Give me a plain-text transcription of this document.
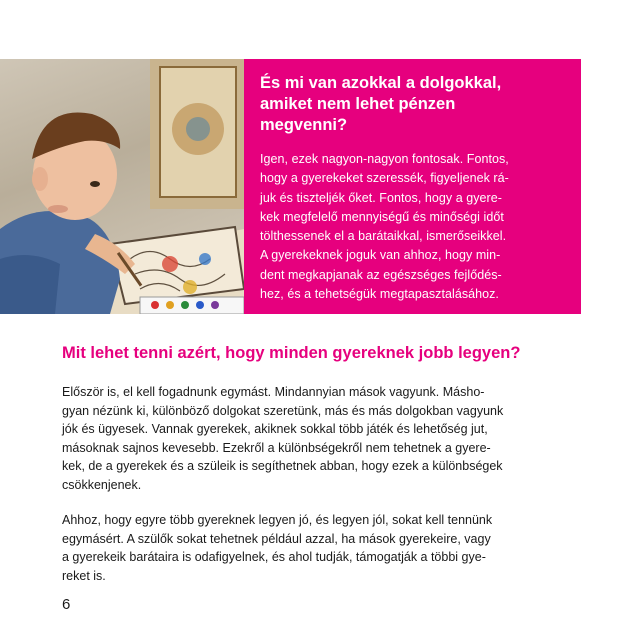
És mi van azokkal a dolgokkal,
amiket nem lehet pénzen
megvenni?

Igen, ezek nagyon-nagyon fontosak. Fontos,
hogy a gyerekeket szeressék, figyeljenek rá-
juk és tiszteljék őket. Fontos, hogy a gyere-
kek megfelelő mennyiségű és minőségi időt
tölthessenek el a barátaikkal, ismerőseikkel.
A gyerekeknek joguk van ahhoz, hogy min-
dent megkapjanak az egészséges fejlődés-
hez, és a tehetségük megtapasztalásához.

Mit lehet tenni azért, hogy minden gyereknek jobb legyen?

Először is, el kell fogadnunk egymást. Mindannyian mások vagyunk. Másho-
gyan nézünk ki, különböző dolgokat szeretünk, más és más dolgokban vagyunk
jók és ügyesek. Vannak gyerekek, akiknek sokkal több játék és lehetőség jut,
másoknak sajnos kevesebb. Ezekről a különbségekről nem tehetnek a gyere-
kek, de a gyerekek és a szüleik is segíthetnek abban, hogy ezek a különbségek
csökkenjenek.

Ahhoz, hogy egyre több gyereknek legyen jó, és legyen jól, sokat kell tennünk
egymásért. A szülők sokat tehetnek például azzal, ha mások gyerekeire, vagy
a gyerekeik barátaira is odafigyelnek, és ahol tudják, támogatják a többi gye-
reket is.

6
